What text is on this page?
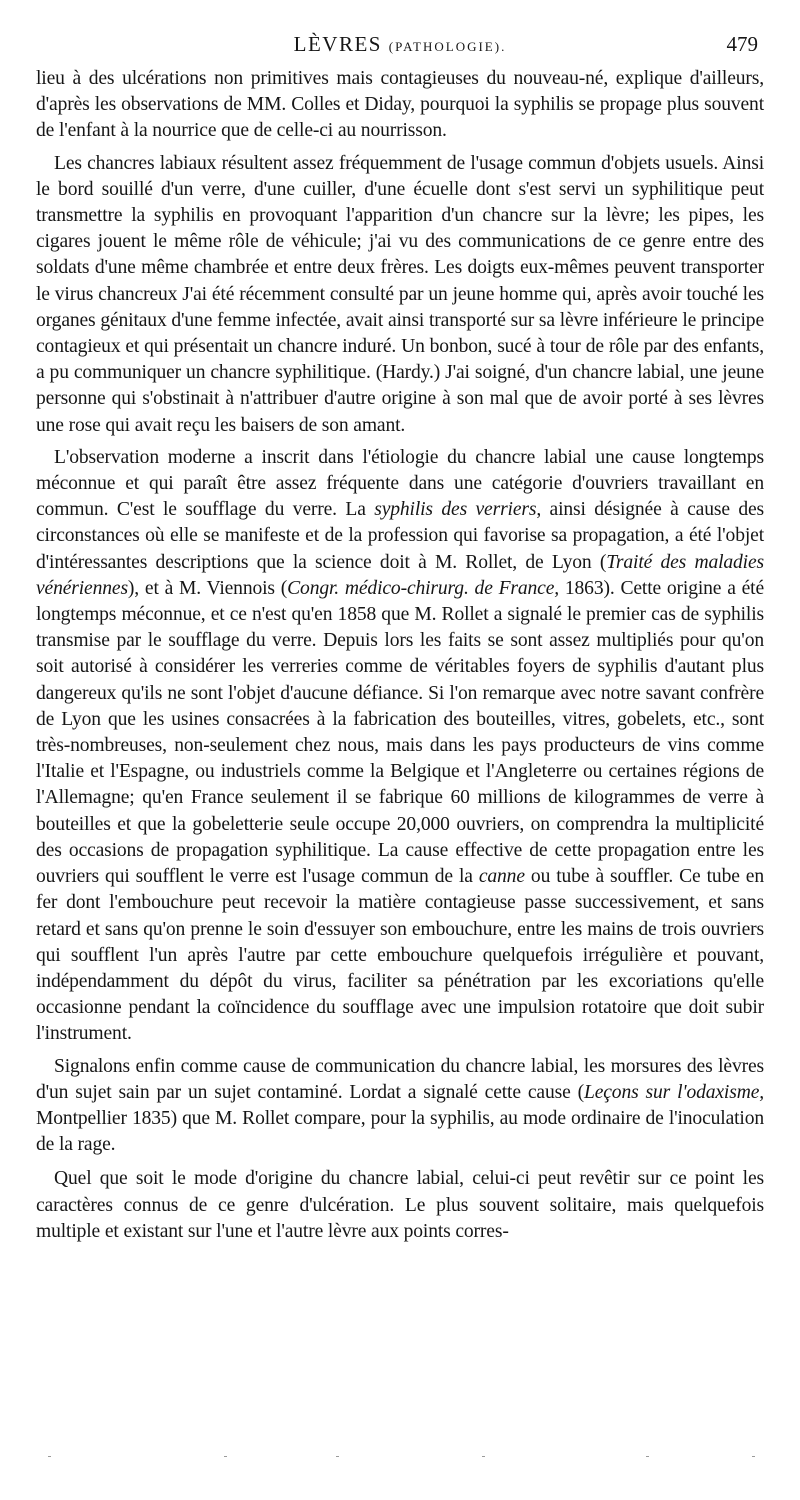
LÈVRES (PATHOLOGIE).	479

lieu à des ulcérations non primitives mais contagieuses du nouveau-né, explique d'ailleurs, d'après les observations de MM. Colles et Diday, pourquoi la syphilis se propage plus souvent de l'enfant à la nourrice que de celle-ci au nourrisson.

Les chancres labiaux résultent assez fréquemment de l'usage commun d'objets usuels. Ainsi le bord souillé d'un verre, d'une cuiller, d'une écuelle dont s'est servi un syphilitique peut transmettre la syphilis en provoquant l'apparition d'un chancre sur la lèvre; les pipes, les cigares jouent le même rôle de véhicule; j'ai vu des communications de ce genre entre des soldats d'une même chambrée et entre deux frères. Les doigts eux-mêmes peuvent transporter le virus chancreux J'ai été récemment consulté par un jeune homme qui, après avoir touché les organes génitaux d'une femme infectée, avait ainsi transporté sur sa lèvre inférieure le principe contagieux et qui présentait un chancre induré. Un bonbon, sucé à tour de rôle par des enfants, a pu communiquer un chancre syphilitique. (Hardy.) J'ai soigné, d'un chancre labial, une jeune personne qui s'obstinait à n'attribuer d'autre origine à son mal que de avoir porté à ses lèvres une rose qui avait reçu les baisers de son amant.

L'observation moderne a inscrit dans l'étiologie du chancre labial une cause longtemps méconnue et qui paraît être assez fréquente dans une catégorie d'ouvriers travaillant en commun. C'est le soufflage du verre. La syphilis des verriers, ainsi désignée à cause des circonstances où elle se manifeste et de la profession qui favorise sa propagation, a été l'objet d'intéressantes descriptions que la science doit à M. Rollet, de Lyon (Traité des maladies vénériennes), et à M. Viennois (Congr. médico-chirurg. de France, 1863). Cette origine a été longtemps méconnue, et ce n'est qu'en 1858 que M. Rollet a signalé le premier cas de syphilis transmise par le soufflage du verre. Depuis lors les faits se sont assez multipliés pour qu'on soit autorisé à considérer les verreries comme de véritables foyers de syphilis d'autant plus dangereux qu'ils ne sont l'objet d'aucune défiance. Si l'on remarque avec notre savant confrère de Lyon que les usines consacrées à la fabrication des bouteilles, vitres, gobelets, etc., sont très-nombreuses, non-seulement chez nous, mais dans les pays producteurs de vins comme l'Italie et l'Espagne, ou industriels comme la Belgique et l'Angleterre ou certaines régions de l'Allemagne; qu'en France seulement il se fabrique 60 millions de kilogrammes de verre à bouteilles et que la gobeletterie seule occupe 20,000 ouvriers, on comprendra la multiplicité des occasions de propagation syphilitique. La cause effective de cette propagation entre les ouvriers qui soufflent le verre est l'usage commun de la canne ou tube à souffler. Ce tube en fer dont l'embouchure peut recevoir la matière contagieuse passe successivement, et sans retard et sans qu'on prenne le soin d'essuyer son embouchure, entre les mains de trois ouvriers qui soufflent l'un après l'autre par cette embouchure quelquefois irrégulière et pouvant, indépendamment du dépôt du virus, faciliter sa pénétration par les excoriations qu'elle occasionne pendant la coïncidence du soufflage avec une impulsion rotatoire que doit subir l'instrument.

Signalons enfin comme cause de communication du chancre labial, les morsures des lèvres d'un sujet sain par un sujet contaminé. Lordat a signalé cette cause (Leçons sur l'odaxisme, Montpellier 1835) que M. Rollet compare, pour la syphilis, au mode ordinaire de l'inoculation de la rage.

Quel que soit le mode d'origine du chancre labial, celui-ci peut revêtir sur ce point les caractères connus de ce genre d'ulcération. Le plus souvent solitaire, mais quelquefois multiple et existant sur l'une et l'autre lèvre aux points corres-
